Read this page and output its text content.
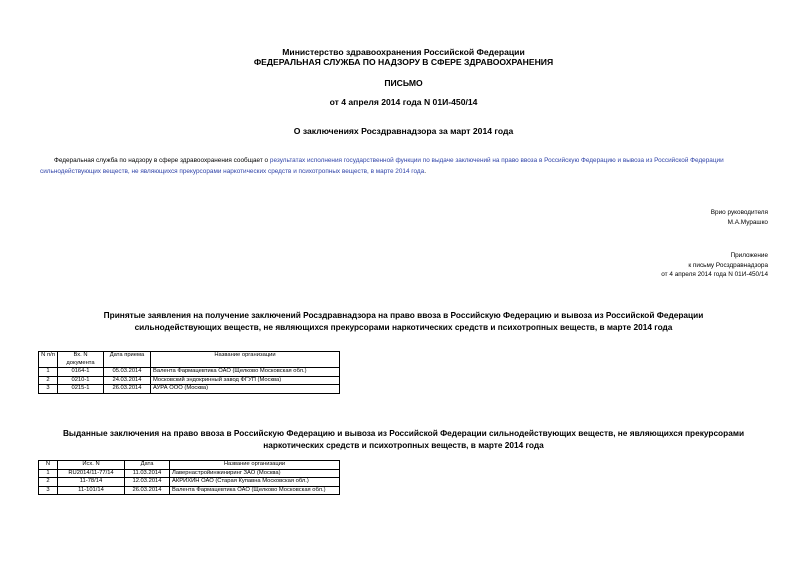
Министерство здравоохранения Российской Федерации
ФЕДЕРАЛЬНАЯ СЛУЖБА ПО НАДЗОРУ В СФЕРЕ ЗДРАВООХРАНЕНИЯ
ПИСЬМО
от 4 апреля 2014 года N 01И-450/14
О заключениях Росздравнадзора за март 2014 года
Федеральная служба по надзору в сфере здравоохранения сообщает о результатах исполнения государственной функции по выдаче заключений на право ввоза в Российскую Федерацию и вывоза из Российской Федерации сильнодействующих веществ, не являющихся прекурсорами наркотических средств и психотропных веществ, в марте 2014 года.
Врио руководителя
М.А.Мурашко
Приложение
к письму Росздравнадзора
от 4 апреля 2014 года N 01И-450/14
Принятые заявления на получение заключений Росздравнадзора на право ввоза в Российскую Федерацию и вывоза из Российской Федерации сильнодействующих веществ, не являющихся прекурсорами наркотических средств и психотропных веществ, в марте 2014 года
N п/п	Вх. N документа	Дата приема	Название организации
1	0164-1	05.03.2014	Валента Фармацевтика ОАО (Щелково Московская обл.)
2	0210-1	24.03.2014	Московский эндокринный завод ФГУП (Москва)
3	0215-1	26.03.2014	АУРА ООО (Москва)
Выданные заключения на право ввоза в Российскую Федерацию и вывоза из Российской Федерации сильнодействующих веществ, не являющихся прекурсорами наркотических средств и психотропных веществ, в марте 2014 года
N	Исх. N	Дата	Название организации
1	RU2014/11-77/14	11.03.2014	Лавернастройинжиниринг ЗАО (Москва)
2	11-78/14	12.03.2014	АКРИХИН ОАО (Старая Купавна Московская обл.)
3	11-101/14	26.03.2014	Валента Фармацевтика ОАО (Щелково Московская обл.)
